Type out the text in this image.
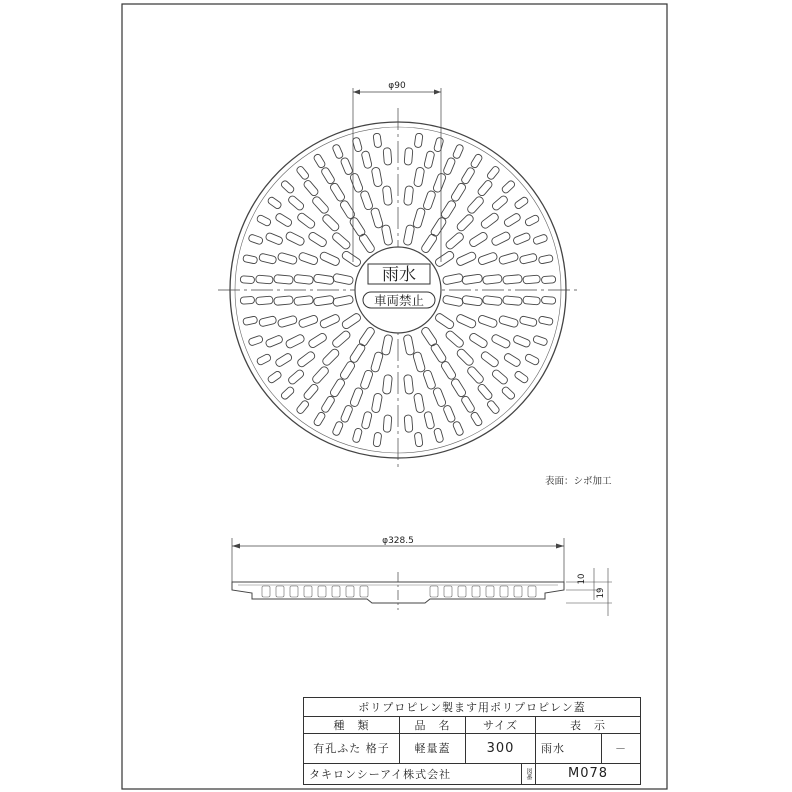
雨水
車両禁止
φ90
表面：シボ加工
φ328.5
10
19
ポリプロピレン製ます用ポリプロピレン蓋
種　類	品　名	サイズ	表　示
有孔ふた 格子	軽量蓋	300	雨水	－
タキロンシーアイ株式会社	図番	M078
